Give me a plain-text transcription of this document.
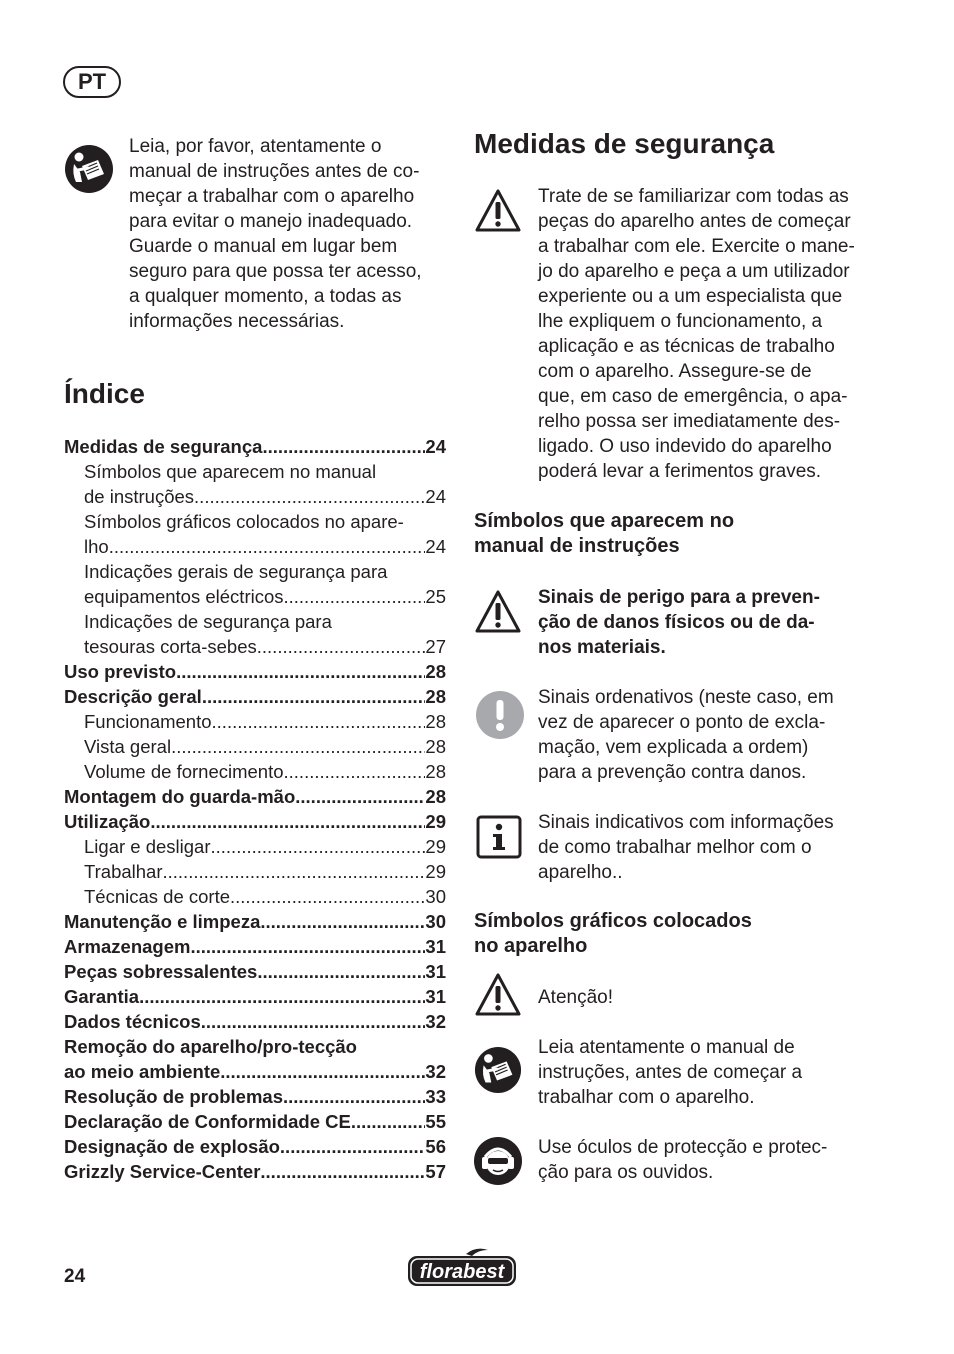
PT
Leia, por favor, atentamente o
manual de instruções antes de co-
meçar a trabalhar com o aparelho
para evitar o manejo inadequado.
Guarde o manual em lugar bem
seguro para que possa ter acesso,
a qualquer momento, a todas as
informações necessárias.
Índice
Medidas de segurança .....	24
Símbolos que aparecem no manual
de instruções .....	24
Símbolos gráficos colocados no apare-
lho .....	24
Indicações gerais de segurança para
equipamentos eléctricos .....	25
Indicações de segurança para
tesouras corta-sebes .....	27
Uso previsto .....	28
Descrição geral .....	28
Funcionamento .....	28
Vista geral .....	28
Volume de fornecimento .....	28
Montagem do guarda-mão .....	28
Utilização .....	29
Ligar e desligar .....	29
Trabalhar .....	29
Técnicas de corte .....	30
Manutenção e limpeza .....	30
Armazenagem .....	31
Peças sobressalentes .....	31
Garantia .....	31
Dados técnicos .....	32
Remoção do aparelho/pro-tecção
ao meio ambiente .....	32
Resolução de problemas .....	33
Declaração de Conformidade CE .....	55
Designação de explosão .....	56
Grizzly Service-Center .....	57
Medidas de segurança
Trate de se familiarizar com todas as
peças do aparelho antes de começar
a trabalhar com ele. Exercite o mane-
jo do aparelho e peça a um utilizador
experiente ou a um especialista que
lhe expliquem o funcionamento, a
aplicação e as técnicas de trabalho
com o aparelho. Assegure-se de
que, em caso de emergência, o apa-
relho possa ser imediatamente des-
ligado. O uso indevido do aparelho
poderá levar a ferimentos graves.
Símbolos que aparecem no
manual de instruções
Sinais de perigo para a preven-
ção de danos físicos ou de da-
nos materiais.
Sinais ordenativos (neste caso, em
vez de aparecer o ponto de excla-
mação, vem explicada a ordem)
para a prevenção contra danos.
Sinais indicativos com informações
de como trabalhar melhor com o
aparelho..
Símbolos gráficos colocados
no aparelho
Atenção!
Leia atentamente o manual de
instruções, antes de começar a
trabalhar com o aparelho.
Use óculos de protecção e protec-
ção para os ouvidos.
24	florabest
